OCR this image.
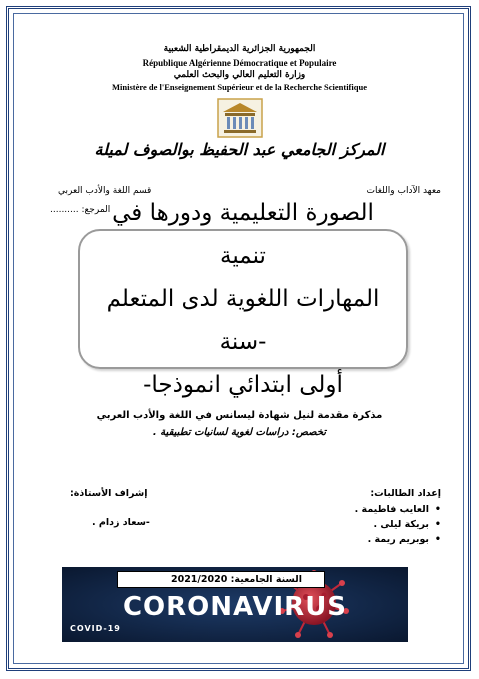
الجمهورية الجزائرية الديمقراطية الشعبية
République Algérienne Démocratique et Populaire
وزارة التعليم العالي والبحث العلمي
Ministère de l'Enseignement Supérieur et de la Recherche Scientifique
المركز الجامعي عبد الحفيظ بوالصوف لميلة
معهد الآداب واللغات
قسم اللغة والأدب العربي
المرجع: .......... الصورة التعليمية ودورها في تنمية
المهارات اللغوية لدى المتعلم -سنة
أولى ابتدائي انموذجا-
مذكرة مقدمة لنيل شهادة ليسانس في اللغة والأدب العربي
تخصص: دراسات لغوية لسانيات تطبيقية .
إعداد الطالبات:
•
العايب فاطيمة .
•
بريكة ليلى .
•
بوبريم ريمة .
إشراف الأستاذة:
-سعاد زدام .
السنة الجامعية: 2021/2020
CORONAVIRUS
COVID-19
